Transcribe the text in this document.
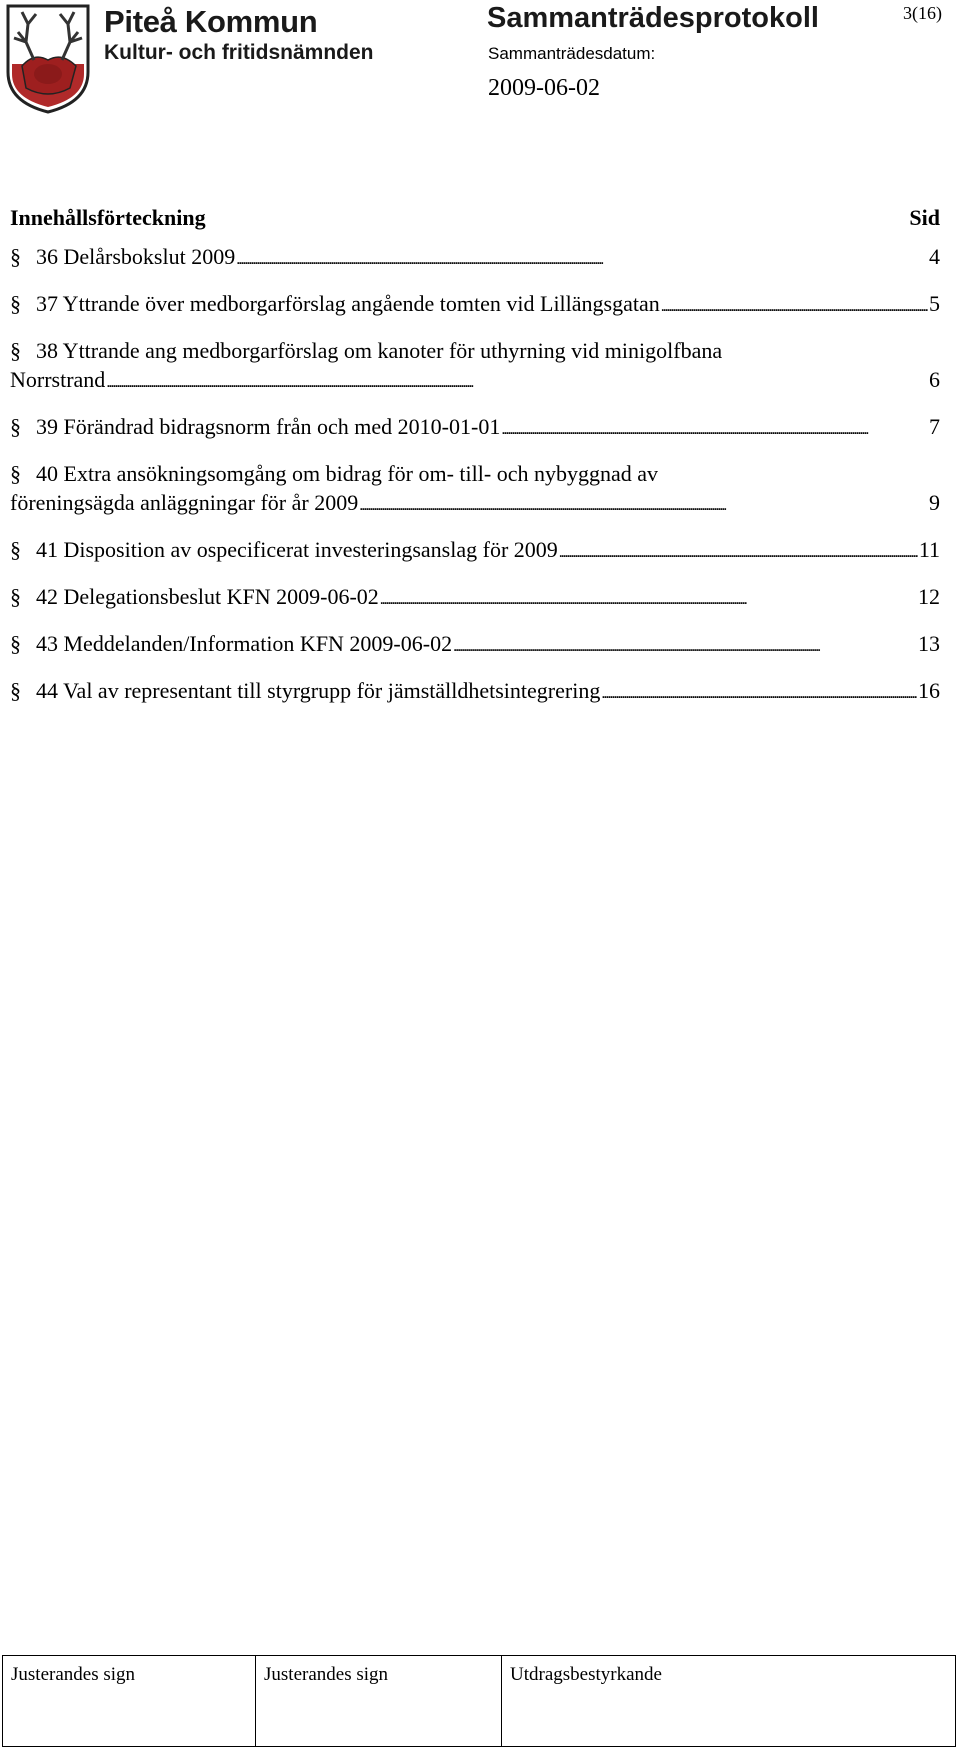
Piteå Kommun
Kultur- och fritidsnämnden
Sammanträdesprotokoll	3(16)
Sammanträdesdatum:
2009-06-02
Innehållsförteckning	Sid
§ 36 Delårsbokslut 2009 . . .	4
§ 37 Yttrande över medborgarförslag angående tomten vid Lillängsgatan . . .	5
§ 38 Yttrande ang medborgarförslag om kanoter för uthyrning vid minigolfbana
Norrstrand . . .	6
§ 39 Förändrad bidragsnorm från och med 2010-01-01 . . .	7
§ 40 Extra ansökningsomgång om bidrag för om- till- och nybyggnad av
föreningsägda anläggningar för år 2009 . . .	9
§ 41 Disposition av ospecificerat investeringsanslag för 2009 . . .	11
§ 42 Delegationsbeslut KFN 2009-06-02 . . .	12
§ 43 Meddelanden/Information KFN 2009-06-02 . . .	13
§ 44 Val av representant till styrgrupp för jämställdhetsintegrering . . .	16
Justerandes sign	Justerandes sign	Utdragsbestyrkande
